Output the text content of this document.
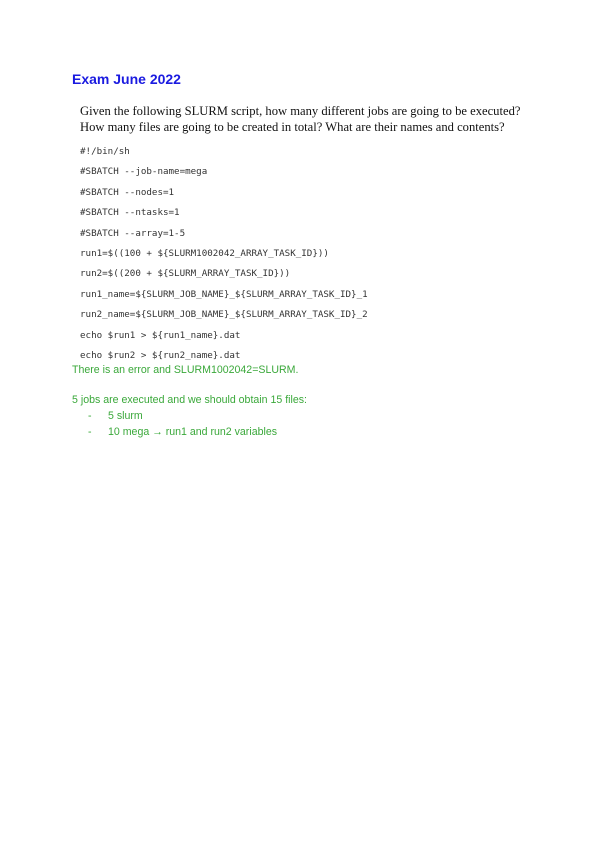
Exam June 2022
Given the following SLURM script, how many different jobs are going to be executed?
How many files are going to be created in total? What are their names and contents?
#!/bin/sh
#SBATCH --job-name=mega
#SBATCH --nodes=1
#SBATCH --ntasks=1
#SBATCH --array=1-5
run1=$((100 + ${SLURM1002042_ARRAY_TASK_ID}))
run2=$((200 + ${SLURM_ARRAY_TASK_ID}))
run1_name=${SLURM_JOB_NAME}_${SLURM_ARRAY_TASK_ID}_1
run2_name=${SLURM_JOB_NAME}_${SLURM_ARRAY_TASK_ID}_2
echo $run1 > ${run1_name}.dat
echo $run2 > ${run2_name}.dat
There is an error and SLURM1002042=SLURM.
5 jobs are executed and we should obtain 15 files:
- 5 slurm
- 10 mega → run1 and run2 variables
